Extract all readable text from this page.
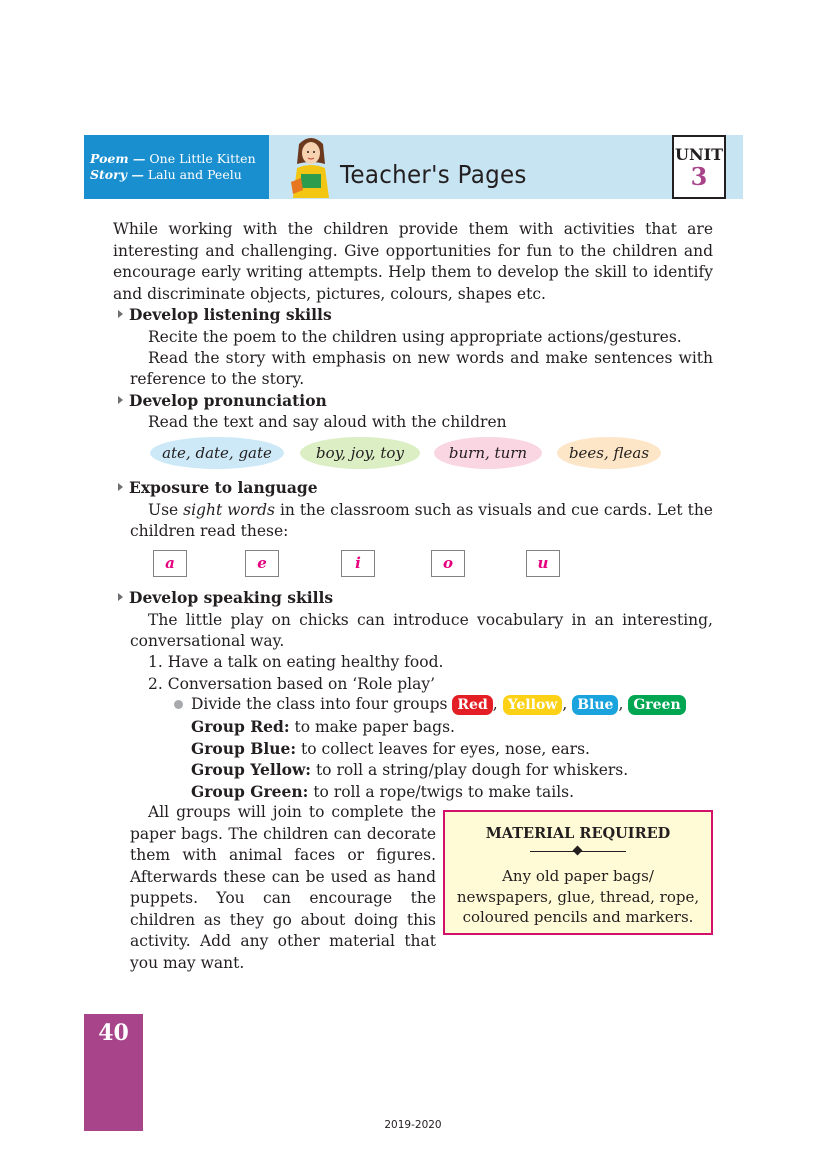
Poem — One Little Kitten
Story — Lalu and Peelu	Teacher's Pages
UNIT
3
While working with the children provide them with activities that are
interesting and challenging. Give opportunities for fun to the children and
encourage early writing attempts. Help them to develop the skill to identify
and discriminate objects, pictures, colours, shapes etc.
Develop listening skills
Recite the poem to the children using appropriate actions/gestures.
Read the story with emphasis on new words and make sentences with
reference to the story.
Develop pronunciation
Read the text and say aloud with the children
ate, date, gate	boy, joy, toy	burn, turn	bees, fleas
Exposure to language
Use sight words in the classroom such as visuals and cue cards. Let the
children read these:
a	e	i	o	u
Develop speaking skills
The little play on chicks can introduce vocabulary in an interesting,
conversational way.
1. Have a talk on eating healthy food.
2. Conversation based on ‘Role play’
Divide the class into four groups Red , Yellow , Blue , Green
Group Red: to make paper bags.
Group Blue: to collect leaves for eyes, nose, ears.
Group Yellow: to roll a string/play dough for whiskers.
Group Green: to roll a rope/twigs to make tails.
All groups will join to complete the
paper bags. The children can decorate
them with animal faces or figures.
Afterwards these can be used as hand
puppets. You can encourage the
children as they go about doing this
activity. Add any other material that
you may want.
MATERIAL REQUIRED
Any old paper bags/
newspapers, glue, thread, rope,
coloured pencils and markers.
40
2019-2020
